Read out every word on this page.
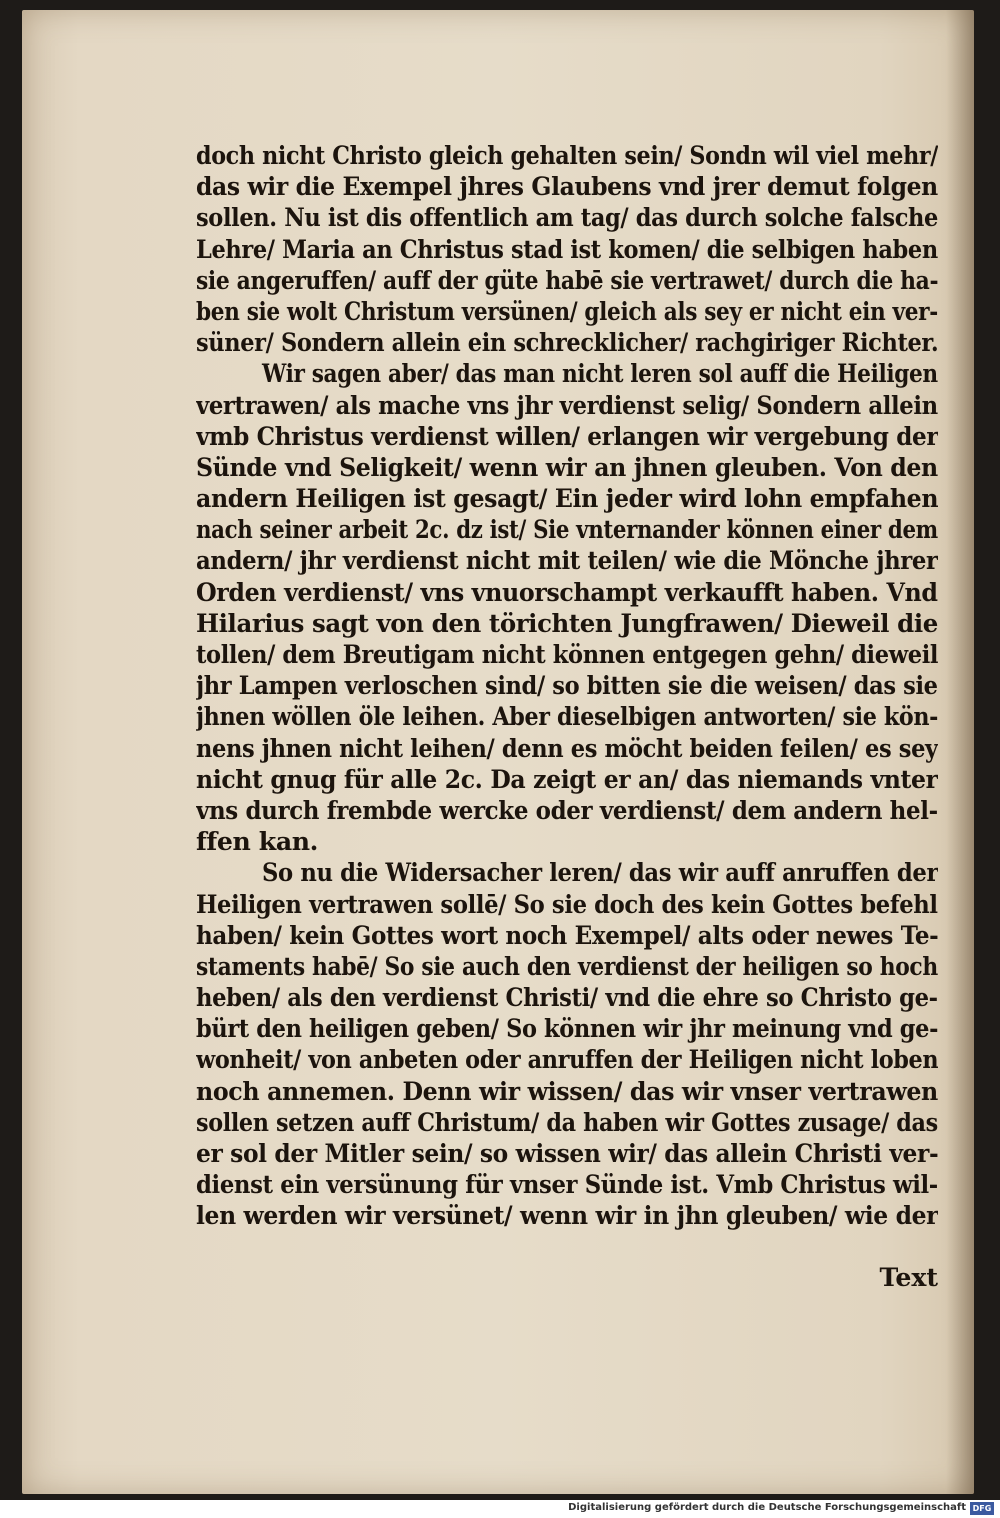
doch nicht Christo gleich gehalten sein/ Sondn wil viel mehr/
das wir die Exempel jhres Glaubens vnd jrer demut folgen
sollen. Nu ist dis offentlich am tag/ das durch solche falsche
Lehre/ Maria an Christus stad ist komen/ die selbigen haben
sie angeruffen/ auff der güte habē sie vertrawet/ durch die ha-
ben sie wolt Christum versünen/ gleich als sey er nicht ein ver-
süner/ Sondern allein ein schrecklicher/ rachgiriger Richter.
Wir sagen aber/ das man nicht leren sol auff die Heiligen
vertrawen/ als mache vns jhr verdienst selig/ Sondern allein
vmb Christus verdienst willen/ erlangen wir vergebung der
Sünde vnd Seligkeit/ wenn wir an jhnen gleuben. Von den
andern Heiligen ist gesagt/ Ein jeder wird lohn empfahen
nach seiner arbeit 2c. dz ist/ Sie vnternander können einer dem
andern/ jhr verdienst nicht mit teilen/ wie die Mönche jhrer
Orden verdienst/ vns vnuorschampt verkaufft haben. Vnd
Hilarius sagt von den törichten Jungfrawen/ Dieweil die
tollen/ dem Breutigam nicht können entgegen gehn/ dieweil
jhr Lampen verloschen sind/ so bitten sie die weisen/ das sie
jhnen wöllen öle leihen. Aber dieselbigen antworten/ sie kön-
nens jhnen nicht leihen/ denn es möcht beiden feilen/ es sey
nicht gnug für alle 2c. Da zeigt er an/ das niemands vnter
vns durch frembde wercke oder verdienst/ dem andern hel-
ffen kan.
So nu die Widersacher leren/ das wir auff anruffen der
Heiligen vertrawen sollē/ So sie doch des kein Gottes befehl
haben/ kein Gottes wort noch Exempel/ alts oder newes Te-
staments habē/ So sie auch den verdienst der heiligen so hoch
heben/ als den verdienst Christi/ vnd die ehre so Christo ge-
bürt den heiligen geben/ So können wir jhr meinung vnd ge-
wonheit/ von anbeten oder anruffen der Heiligen nicht loben
noch annemen. Denn wir wissen/ das wir vnser vertrawen
sollen setzen auff Christum/ da haben wir Gottes zusage/ das
er sol der Mitler sein/ so wissen wir/ das allein Christi ver-
dienst ein versünung für vnser Sünde ist. Vmb Christus wil-
len werden wir versünet/ wenn wir in jhn gleuben/ wie der
Text
Digitalisierung gefördert durch die Deutsche Forschungsgemeinschaft DFG
